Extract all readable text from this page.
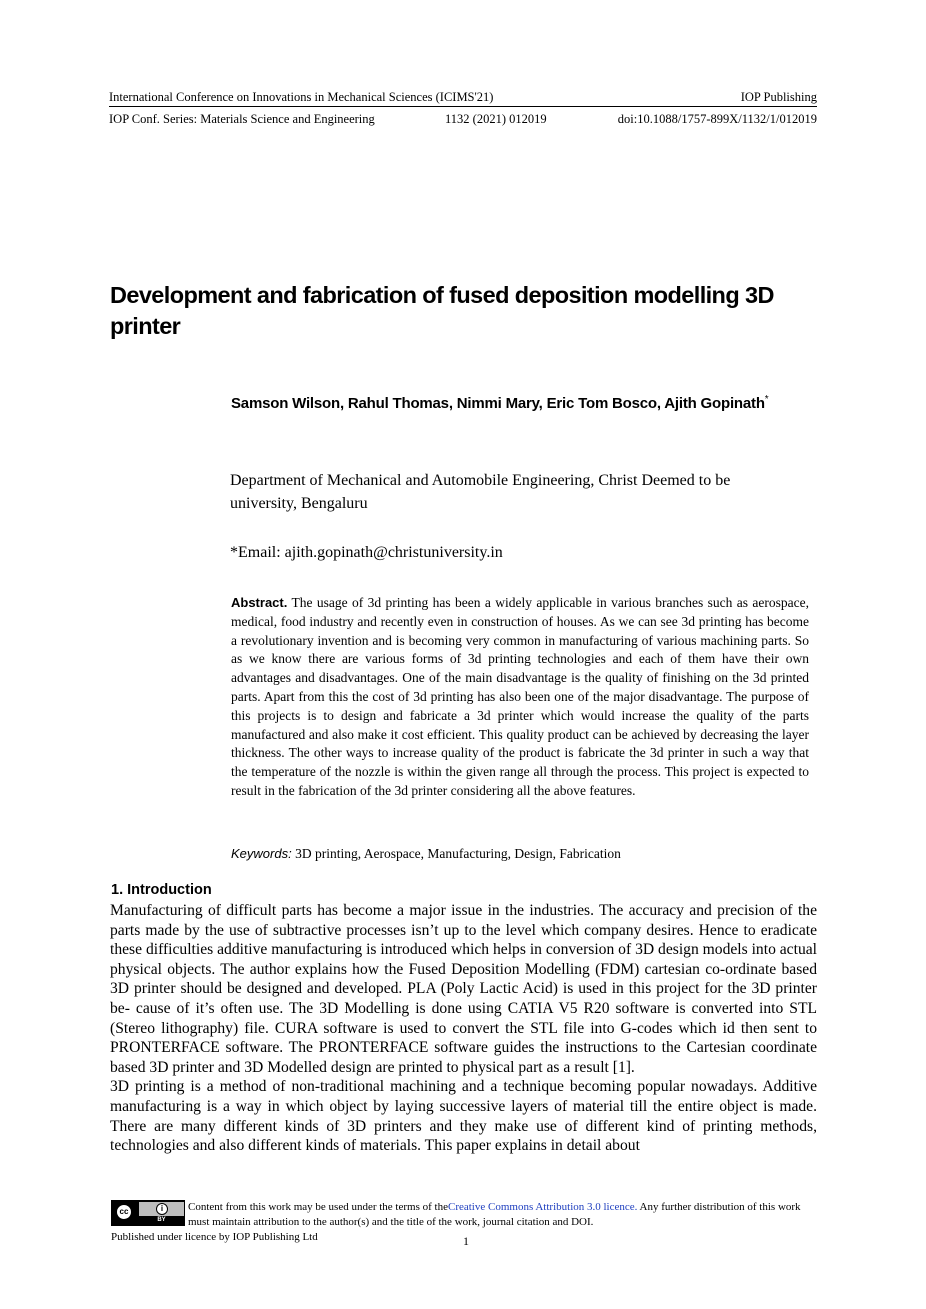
International Conference on Innovations in Mechanical Sciences (ICIMS'21)	IOP Publishing
IOP Conf. Series: Materials Science and Engineering	1132 (2021) 012019	doi:10.1088/1757-899X/1132/1/012019
Development and fabrication of fused deposition modelling 3D printer
Samson Wilson, Rahul Thomas, Nimmi Mary, Eric Tom Bosco, Ajith Gopinath*
Department of Mechanical and Automobile Engineering, Christ Deemed to be university, Bengaluru
*Email: ajith.gopinath@christuniversity.in
Abstract. The usage of 3d printing has been a widely applicable in various branches such as aerospace, medical, food industry and recently even in construction of houses. As we can see 3d printing has become a revolutionary invention and is becoming very common in manufacturing of various machining parts. So as we know there are various forms of 3d printing technologies and each of them have their own advantages and disadvantages. One of the main disadvantage is the quality of finishing on the 3d printed parts. Apart from this the cost of 3d printing has also been one of the major disadvantage. The purpose of this projects is to design and fabricate a 3d printer which would increase the quality of the parts manufactured and also make it cost efficient. This quality product can be achieved by decreasing the layer thickness. The other ways to increase quality of the product is fabricate the 3d printer in such a way that the temperature of the nozzle is within the given range all through the process. This project is expected to result in the fabrication of the 3d printer considering all the above features.
Keywords: 3D printing, Aerospace, Manufacturing, Design, Fabrication
1. Introduction

Manufacturing of difficult parts has become a major issue in the industries. The accuracy and precision of the parts made by the use of subtractive processes isn’t up to the level which company desires. Hence to eradicate these difficulties additive manufacturing is introduced which helps in conversion of 3D design models into actual physical objects. The author explains how the Fused Deposition Modelling (FDM) cartesian co-ordinate based 3D printer should be designed and developed. PLA (Poly Lactic Acid) is used in this project for the 3D printer be- cause of it’s often use. The 3D Modelling is done using CATIA V5 R20 software is converted into STL (Stereo lithography) file. CURA software is used to convert the STL file into G-codes which id then sent to PRONTERFACE software. The PRONTERFACE software guides the instructions to the Cartesian coordinate based 3D printer and 3D Modelled design are printed to physical part as a result [1].

3D printing is a method of non-traditional machining and a technique becoming popular nowadays. Additive manufacturing is a way in which object by laying successive layers of material till the entire object is made. There are many different kinds of 3D printers and they make use of different kind of printing methods, technologies and also different kinds of materials. This paper explains in detail about

cc	i
BY
Content from this work may be used under the terms of theCreative Commons Attribution 3.0 licence. Any further distribution of this work must maintain attribution to the author(s) and the title of the work, journal citation and DOI.
Published under licence by IOP Publishing Ltd	1
